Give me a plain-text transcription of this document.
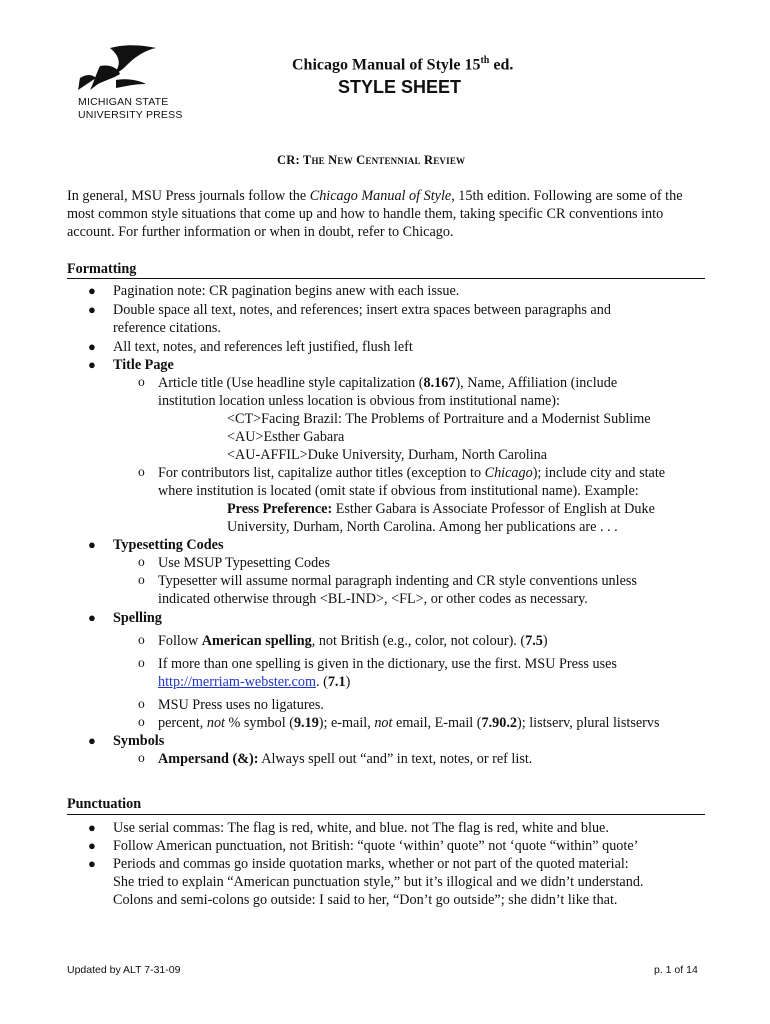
MICHIGAN STATE
UNIVERSITY PRESS
Chicago Manual of Style 15th ed.
STYLE SHEET
CR: The New Centennial Review
In general, MSU Press journals follow the Chicago Manual of Style, 15th edition. Following are some of the most common style situations that come up and how to handle them, taking specific CR conventions into account. For further information or when in doubt, refer to Chicago.
Formatting
● Pagination note: CR pagination begins anew with each issue.
● Double space all text, notes, and references; insert extra spaces between paragraphs and
reference citations.
● All text, notes, and references left justified, flush left
● Title Page
o Article title (Use headline style capitalization (8.167), Name, Affiliation (include
institution location unless location is obvious from institutional name):
<CT>Facing Brazil: The Problems of Portraiture and a Modernist Sublime
<AU>Esther Gabara
<AU-AFFIL>Duke University, Durham, North Carolina
o For contributors list, capitalize author titles (exception to Chicago); include city and state
where institution is located (omit state if obvious from institutional name). Example:
Press Preference: Esther Gabara is Associate Professor of English at Duke
University, Durham, North Carolina. Among her publications are . . .
● Typesetting Codes
o Use MSUP Typesetting Codes
o Typesetter will assume normal paragraph indenting and CR style conventions unless
indicated otherwise through <BL-IND>, <FL>, or other codes as necessary.
● Spelling
o Follow American spelling, not British (e.g., color, not colour). (7.5)
o If more than one spelling is given in the dictionary, use the first. MSU Press uses
http://merriam-webster.com. (7.1)
o MSU Press uses no ligatures.
o percent, not % symbol (9.19); e-mail, not email, E-mail (7.90.2); listserv, plural listservs
● Symbols
o Ampersand (&): Always spell out “and” in text, notes, or ref list.
Punctuation
● Use serial commas: The flag is red, white, and blue. not The flag is red, white and blue.
● Follow American punctuation, not British: “quote ‘within’ quote” not ‘quote “within” quote’
● Periods and commas go inside quotation marks, whether or not part of the quoted material:
She tried to explain “American punctuation style,” but it’s illogical and we didn’t understand.
Colons and semi-colons go outside: I said to her, “Don’t go outside”; she didn’t like that.
Updated by ALT 7-31-09	p. 1 of 14
